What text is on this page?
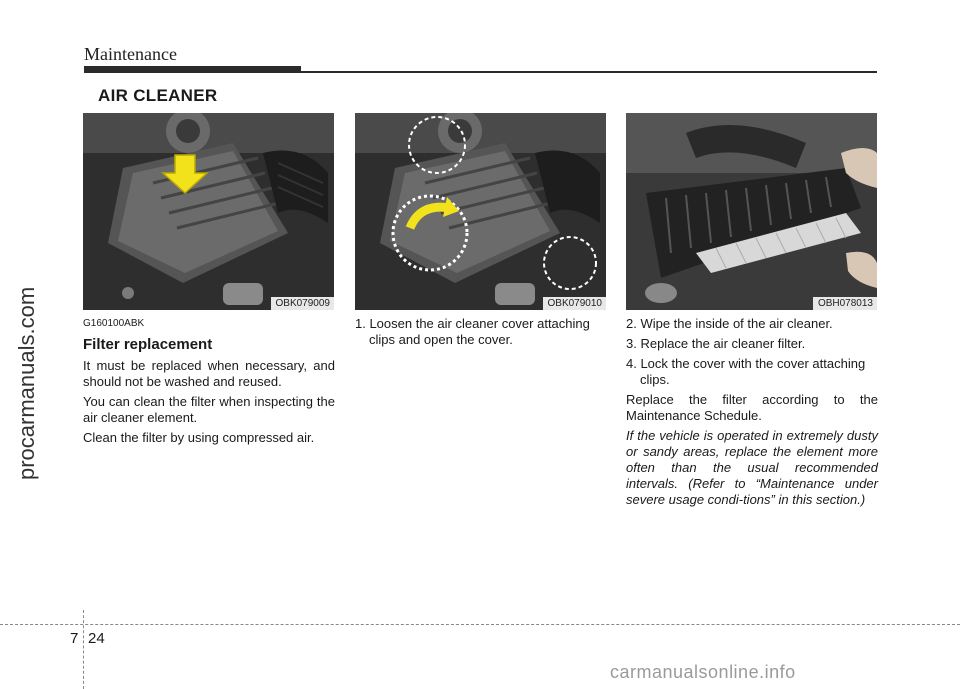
Maintenance
AIR CLEANER
OBK079009	OBK079010	OBH078013

G160100ABK

Filter replacement

It must be replaced when necessary, and should not be washed and reused.

You can clean the filter when inspecting the air cleaner element.

Clean the filter by using compressed air.

1. Loosen the air cleaner cover attaching clips and open the cover.

2. Wipe the inside of the air cleaner.

3. Replace the air cleaner filter.

4. Lock the cover with the cover attaching clips.

Replace the filter according to the Maintenance Schedule.

If the vehicle is operated in extremely dusty or sandy areas, replace the element more often than the usual recommended intervals. (Refer to “Maintenance under severe usage condi-tions” in this section.)

procarmanuals.com
7 24
carmanualsonline.info
